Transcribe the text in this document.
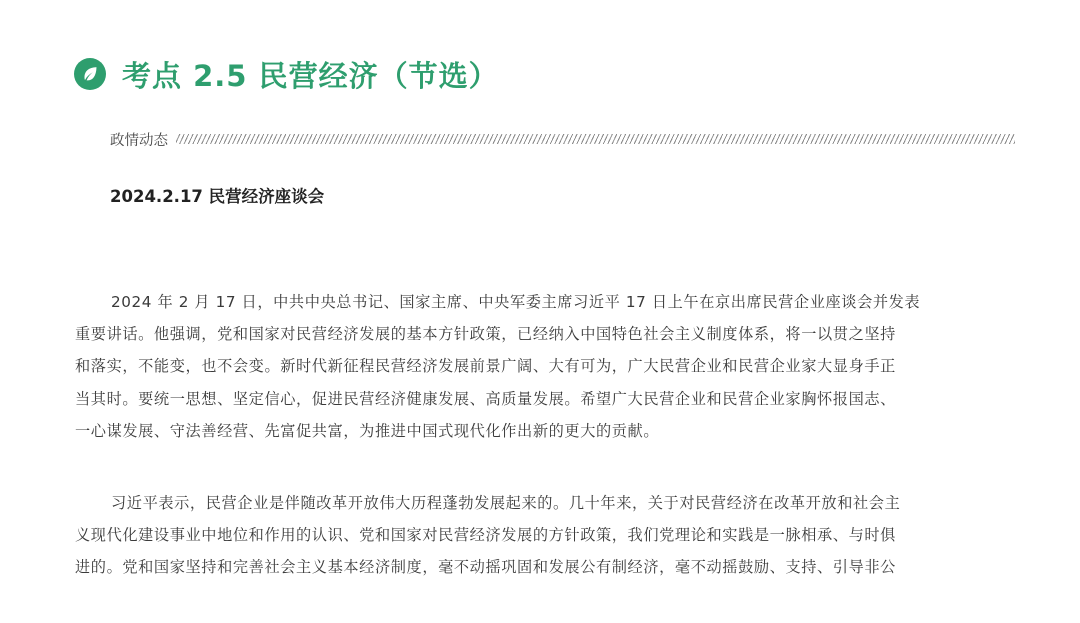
考点 2.5 民营经济（节选）
政情动态
2024.2.17 民营经济座谈会

2024 年 2 月 17 日，中共中央总书记、国家主席、中央军委主席习近平 17 日上午在京出席民营企业座谈会并发表
重要讲话。他强调，党和国家对民营经济发展的基本方针政策，已经纳入中国特色社会主义制度体系，将一以贯之坚持
和落实，不能变，也不会变。新时代新征程民营经济发展前景广阔、大有可为，广大民营企业和民营企业家大显身手正
当其时。要统一思想、坚定信心，促进民营经济健康发展、高质量发展。希望广大民营企业和民营企业家胸怀报国志、
一心谋发展、守法善经营、先富促共富，为推进中国式现代化作出新的更大的贡献。

习近平表示，民营企业是伴随改革开放伟大历程蓬勃发展起来的。几十年来，关于对民营经济在改革开放和社会主
义现代化建设事业中地位和作用的认识、党和国家对民营经济发展的方针政策，我们党理论和实践是一脉相承、与时俱
进的。党和国家坚持和完善社会主义基本经济制度，毫不动摇巩固和发展公有制经济，毫不动摇鼓励、支持、引导非公
